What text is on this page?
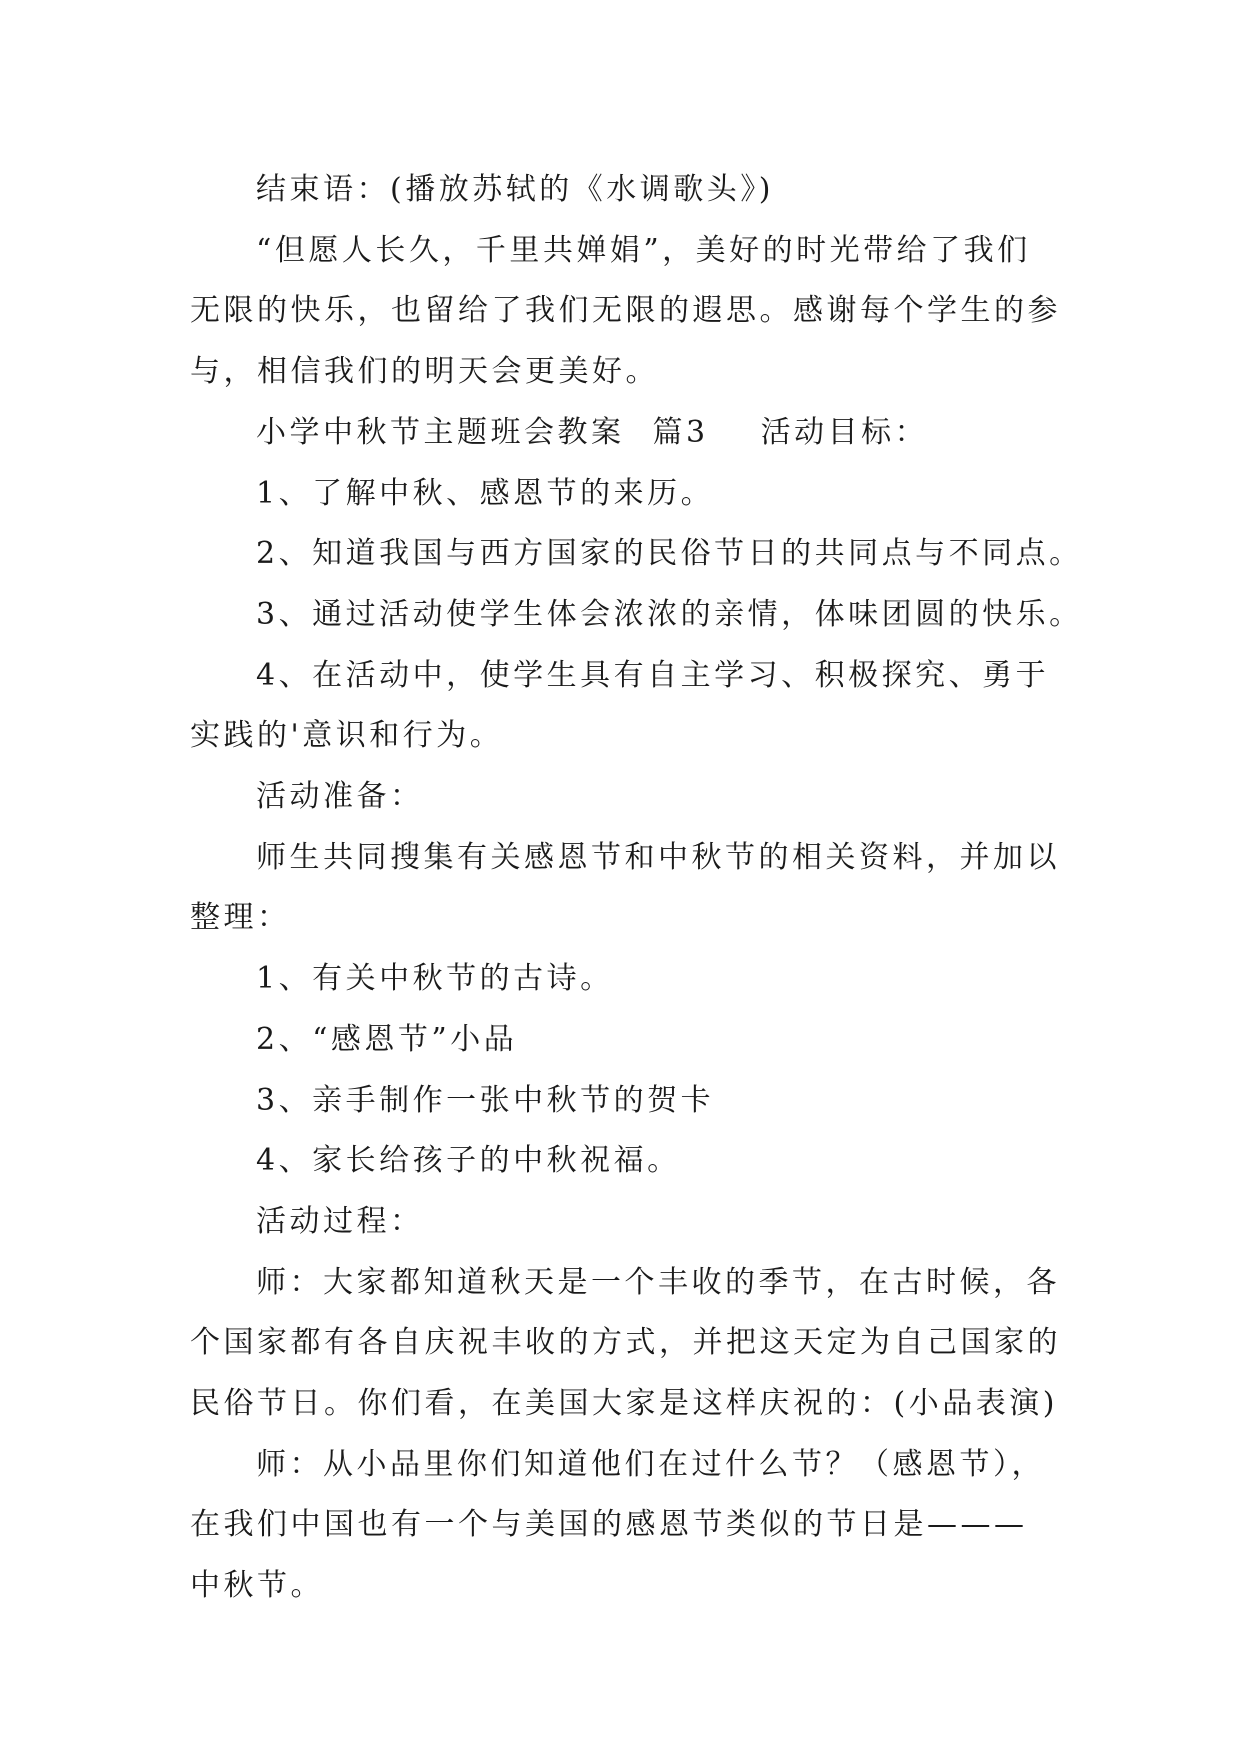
结束语：(播放苏轼的《水调歌头》)
“但愿人长久，千里共婵娟”，美好的时光带给了我们
无限的快乐，也留给了我们无限的遐思。感谢每个学生的参
与，相信我们的明天会更美好。
小学中秋节主题班会教案 篇3 活动目标：
1、了解中秋、感恩节的来历。
2、知道我国与西方国家的民俗节日的共同点与不同点。
3、通过活动使学生体会浓浓的亲情，体味团圆的快乐。
4、在活动中，使学生具有自主学习、积极探究、勇于
实践的'意识和行为。
活动准备：
师生共同搜集有关感恩节和中秋节的相关资料，并加以
整理：
1、有关中秋节的古诗。
2、“感恩节”小品
3、亲手制作一张中秋节的贺卡
4、家长给孩子的中秋祝福。
活动过程：
师：大家都知道秋天是一个丰收的季节，在古时候，各
个国家都有各自庆祝丰收的方式，并把这天定为自己国家的
民俗节日。你们看，在美国大家是这样庆祝的：(小品表演)
师：从小品里你们知道他们在过什么节？（感恩节），
在我们中国也有一个与美国的感恩节类似的节日是———
中秋节。
